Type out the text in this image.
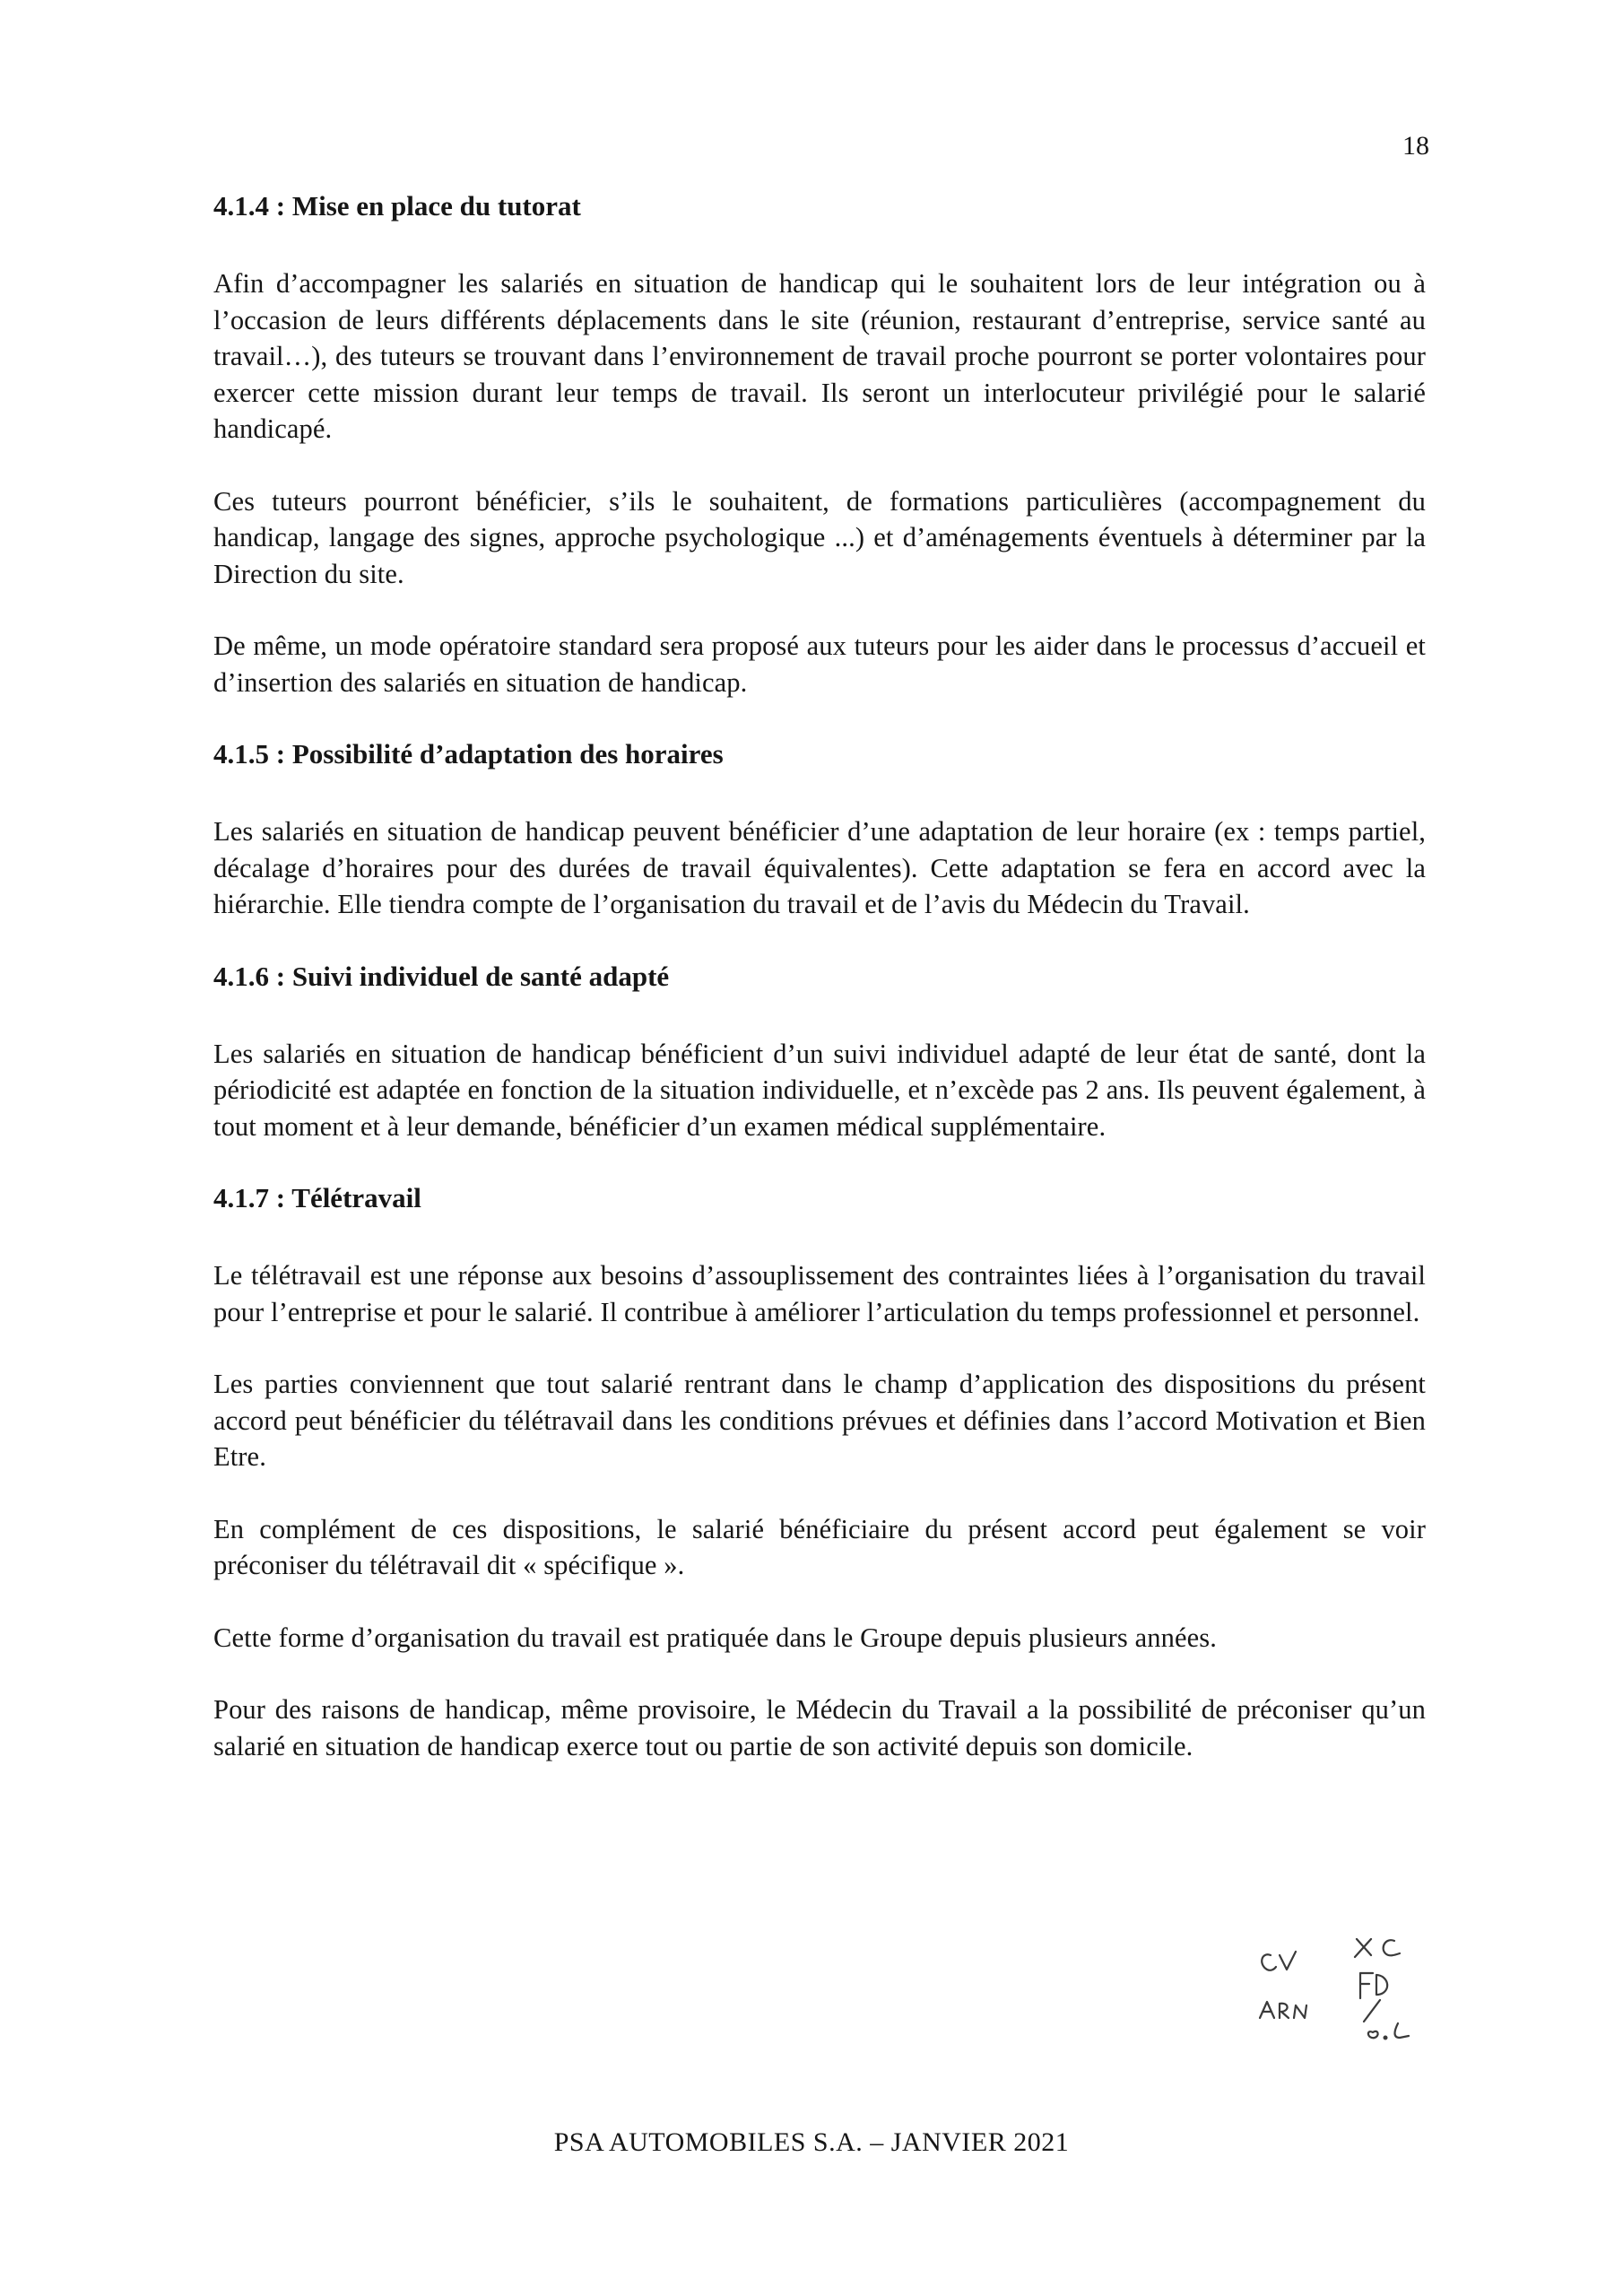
18
4.1.4 : Mise en place du tutorat

Afin d’accompagner les salariés en situation de handicap qui le souhaitent lors de leur intégration ou à l’occasion de leurs différents déplacements dans le site (réunion, restaurant d’entreprise, service santé au travail…), des tuteurs se trouvant dans l’environnement de travail proche pourront se porter volontaires pour exercer cette mission durant leur temps de travail. Ils seront un interlocuteur privilégié pour le salarié handicapé.

Ces tuteurs pourront bénéficier, s’ils le souhaitent, de formations particulières (accompagnement du handicap, langage des signes, approche psychologique ...) et d’aménagements éventuels à déterminer par la Direction du site.

De même, un mode opératoire standard sera proposé aux tuteurs pour les aider dans le processus d’accueil et d’insertion des salariés en situation de handicap.

4.1.5 : Possibilité d’adaptation des horaires

Les salariés en situation de handicap peuvent bénéficier d’une adaptation de leur horaire (ex : temps partiel, décalage d’horaires pour des durées de travail équivalentes). Cette adaptation se fera en accord avec la hiérarchie. Elle tiendra compte de l’organisation du travail et de l’avis du Médecin du Travail.

4.1.6 : Suivi individuel de santé adapté

Les salariés en situation de handicap bénéficient d’un suivi individuel adapté de leur état de santé, dont la périodicité est adaptée en fonction de la situation individuelle, et n’excède pas 2 ans. Ils peuvent également, à tout moment et à leur demande, bénéficier d’un examen médical supplémentaire.

4.1.7 : Télétravail

Le télétravail est une réponse aux besoins d’assouplissement des contraintes liées à l’organisation du travail pour l’entreprise et pour le salarié. Il contribue à améliorer l’articulation du temps professionnel et personnel.

Les parties conviennent que tout salarié rentrant dans le champ d’application des dispositions du présent accord peut bénéficier du télétravail dans les conditions prévues et définies dans l’accord Motivation et Bien Etre.

En complément de ces dispositions, le salarié bénéficiaire du présent accord peut également se voir préconiser du télétravail dit « spécifique ».

Cette forme d’organisation du travail est pratiquée dans le Groupe depuis plusieurs années.

Pour des raisons de handicap, même provisoire, le Médecin du Travail a la possibilité de préconiser qu’un salarié en situation de handicap exerce tout ou partie de son activité depuis son domicile.

PSA AUTOMOBILES S.A. – JANVIER 2021
